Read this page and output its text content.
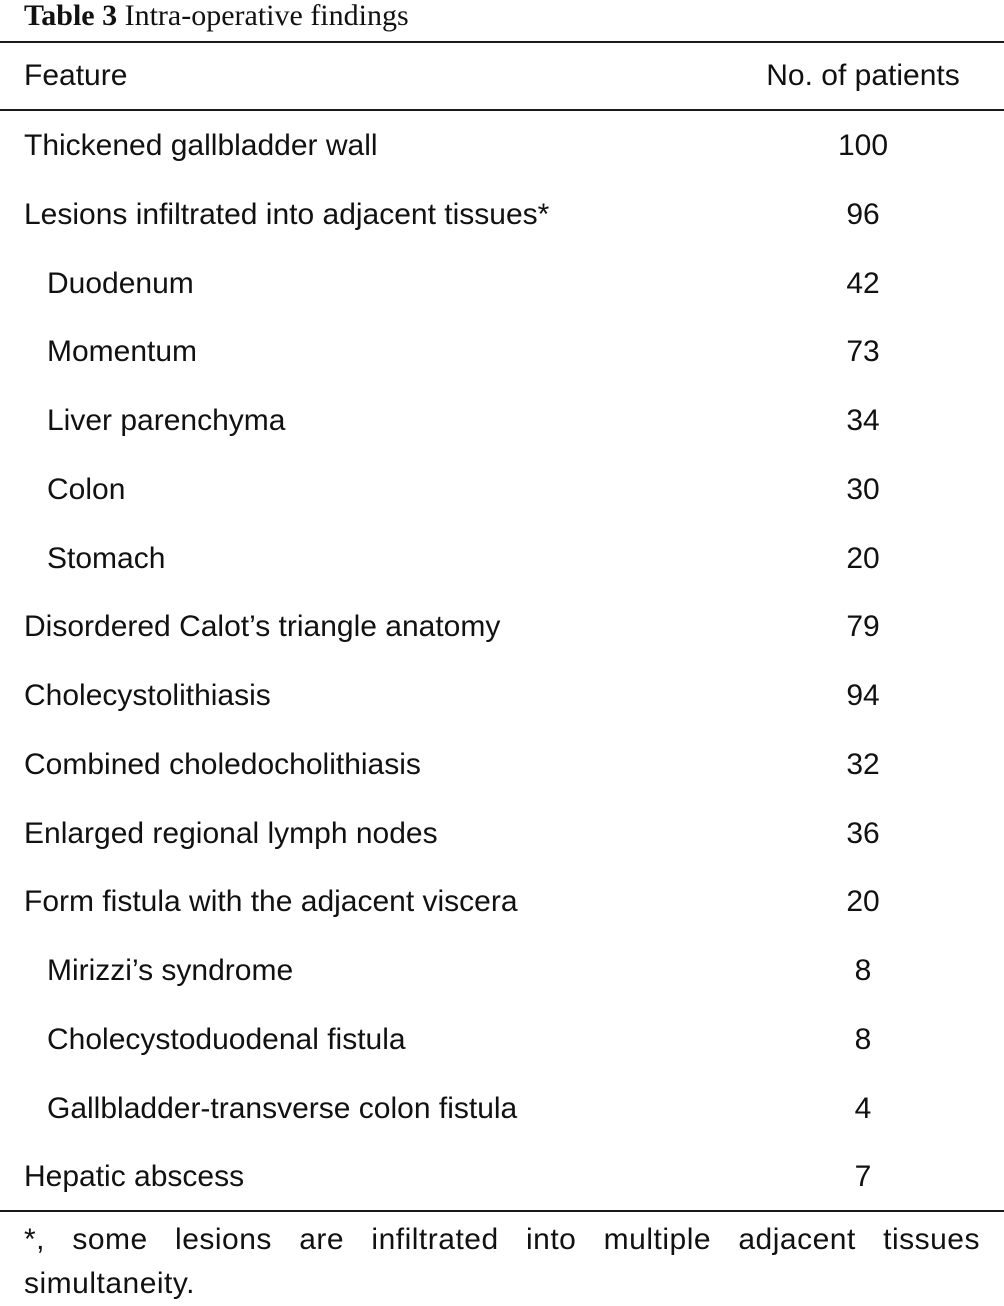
Table 3 Intra-operative findings
Feature	No. of patients
Thickened gallbladder wall	100
Lesions infiltrated into adjacent tissues*	96
Duodenum	42
Momentum	73
Liver parenchyma	34
Colon	30
Stomach	20
Disordered Calot’s triangle anatomy	79
Cholecystolithiasis	94
Combined choledocholithiasis	32
Enlarged regional lymph nodes	36
Form fistula with the adjacent viscera	20
Mirizzi’s syndrome	8
Cholecystoduodenal fistula	8
Gallbladder-transverse colon fistula	4
Hepatic abscess	7
*, some lesions are infiltrated into multiple adjacent tissues simultaneity.
